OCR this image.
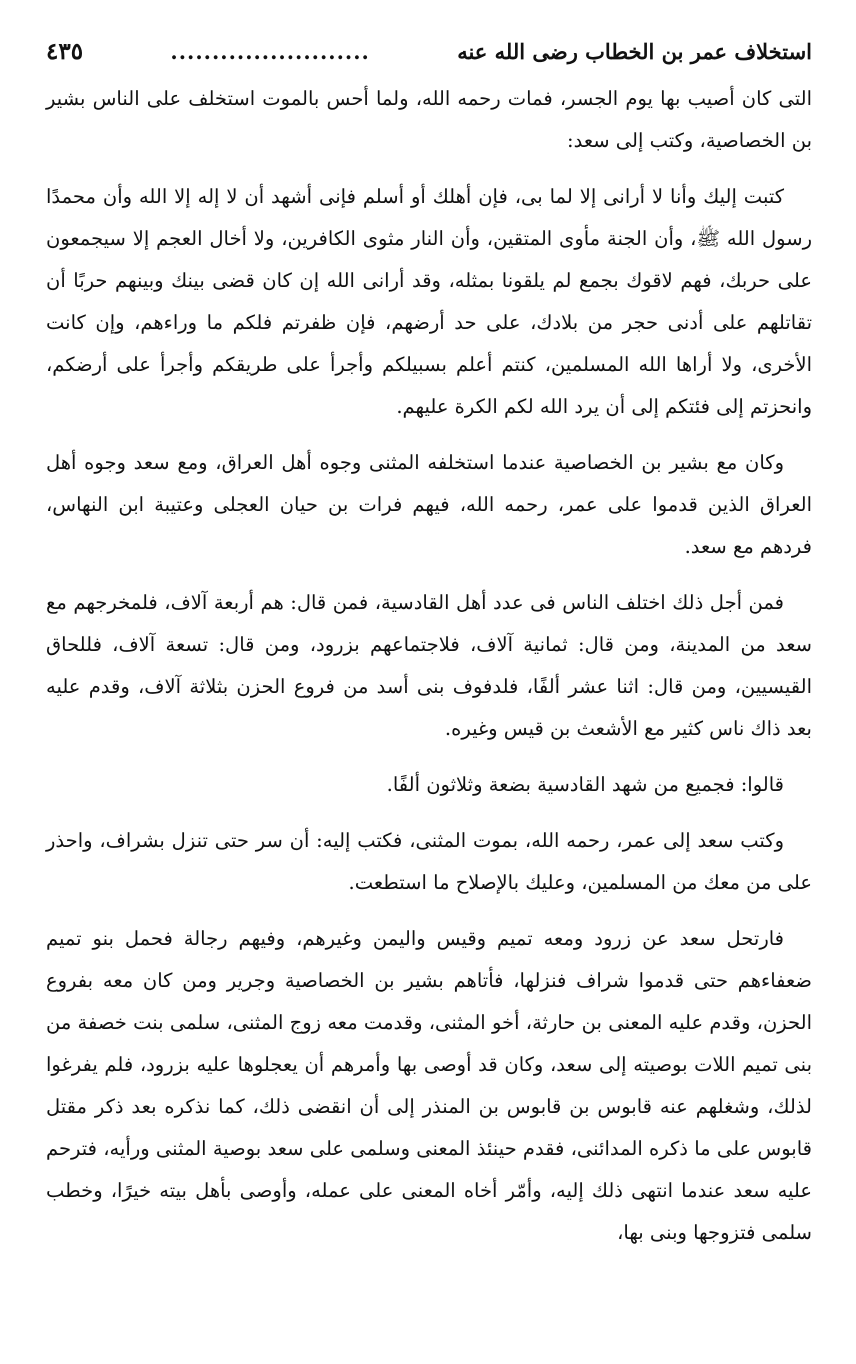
استخلاف عمر بن الخطاب رضى الله عنه
........................
٤٣٥

التى كان أصيب بها يوم الجسر، فمات رحمه الله، ولما أحس بالموت استخلف على الناس بشير بن الخصاصية، وكتب إلى سعد:

كتبت إليك وأنا لا أرانى إلا لما بى، فإن أهلك أو أسلم فإنى أشهد أن لا إله إلا الله وأن محمدًا رسول الله ﷺ، وأن الجنة مأوى المتقين، وأن النار مثوى الكافرين، ولا أخال العجم إلا سيجمعون على حربك، فهم لاقوك بجمع لم يلقونا بمثله، وقد أرانى الله إن كان قضى بينك وبينهم حربًا أن تقاتلهم على أدنى حجر من بلادك، على حد أرضهم، فإن ظفرتم فلكم ما وراءهم، وإن كانت الأخرى، ولا أراها الله المسلمين، كنتم أعلم بسبيلكم وأجرأ على طريقكم وأجرأ على أرضكم، وانحزتم إلى فئتكم إلى أن يرد الله لكم الكرة عليهم.

وكان مع بشير بن الخصاصية عندما استخلفه المثنى وجوه أهل العراق، ومع سعد وجوه أهل العراق الذين قدموا على عمر، رحمه الله، فيهم فرات بن حيان العجلى وعتيبة ابن النهاس، فردهم مع سعد.

فمن أجل ذلك اختلف الناس فى عدد أهل القادسية، فمن قال: هم أربعة آلاف، فلمخرجهم مع سعد من المدينة، ومن قال: ثمانية آلاف، فلاجتماعهم بزرود، ومن قال: تسعة آلاف، فللحاق القيسيين، ومن قال: اثنا عشر ألفًا، فلدفوف بنى أسد من فروع الحزن بثلاثة آلاف، وقدم عليه بعد ذاك ناس كثير مع الأشعث بن قيس وغيره.

قالوا: فجميع من شهد القادسية بضعة وثلاثون ألفًا.

وكتب سعد إلى عمر، رحمه الله، بموت المثنى، فكتب إليه: أن سر حتى تنزل بشراف، واحذر على من معك من المسلمين، وعليك بالإصلاح ما استطعت.

فارتحل سعد عن زرود ومعه تميم وقيس واليمن وغيرهم، وفيهم رجالة فحمل بنو تميم ضعفاءهم حتى قدموا شراف فنزلها، فأتاهم بشير بن الخصاصية وجرير ومن كان معه بفروع الحزن، وقدم عليه المعنى بن حارثة، أخو المثنى، وقدمت معه زوج المثنى، سلمى بنت خصفة من بنى تميم اللات بوصيته إلى سعد، وكان قد أوصى بها وأمرهم أن يعجلوها عليه بزرود، فلم يفرغوا لذلك، وشغلهم عنه قابوس بن قابوس بن المنذر إلى أن انقضى ذلك، كما نذكره بعد ذكر مقتل قابوس على ما ذكره المدائنى، فقدم حينئذ المعنى وسلمى على سعد بوصية المثنى ورأيه، فترحم عليه سعد عندما انتهى ذلك إليه، وأمّر أخاه المعنى على عمله، وأوصى بأهل بيته خيرًا، وخطب سلمى فتزوجها وبنى بها،
